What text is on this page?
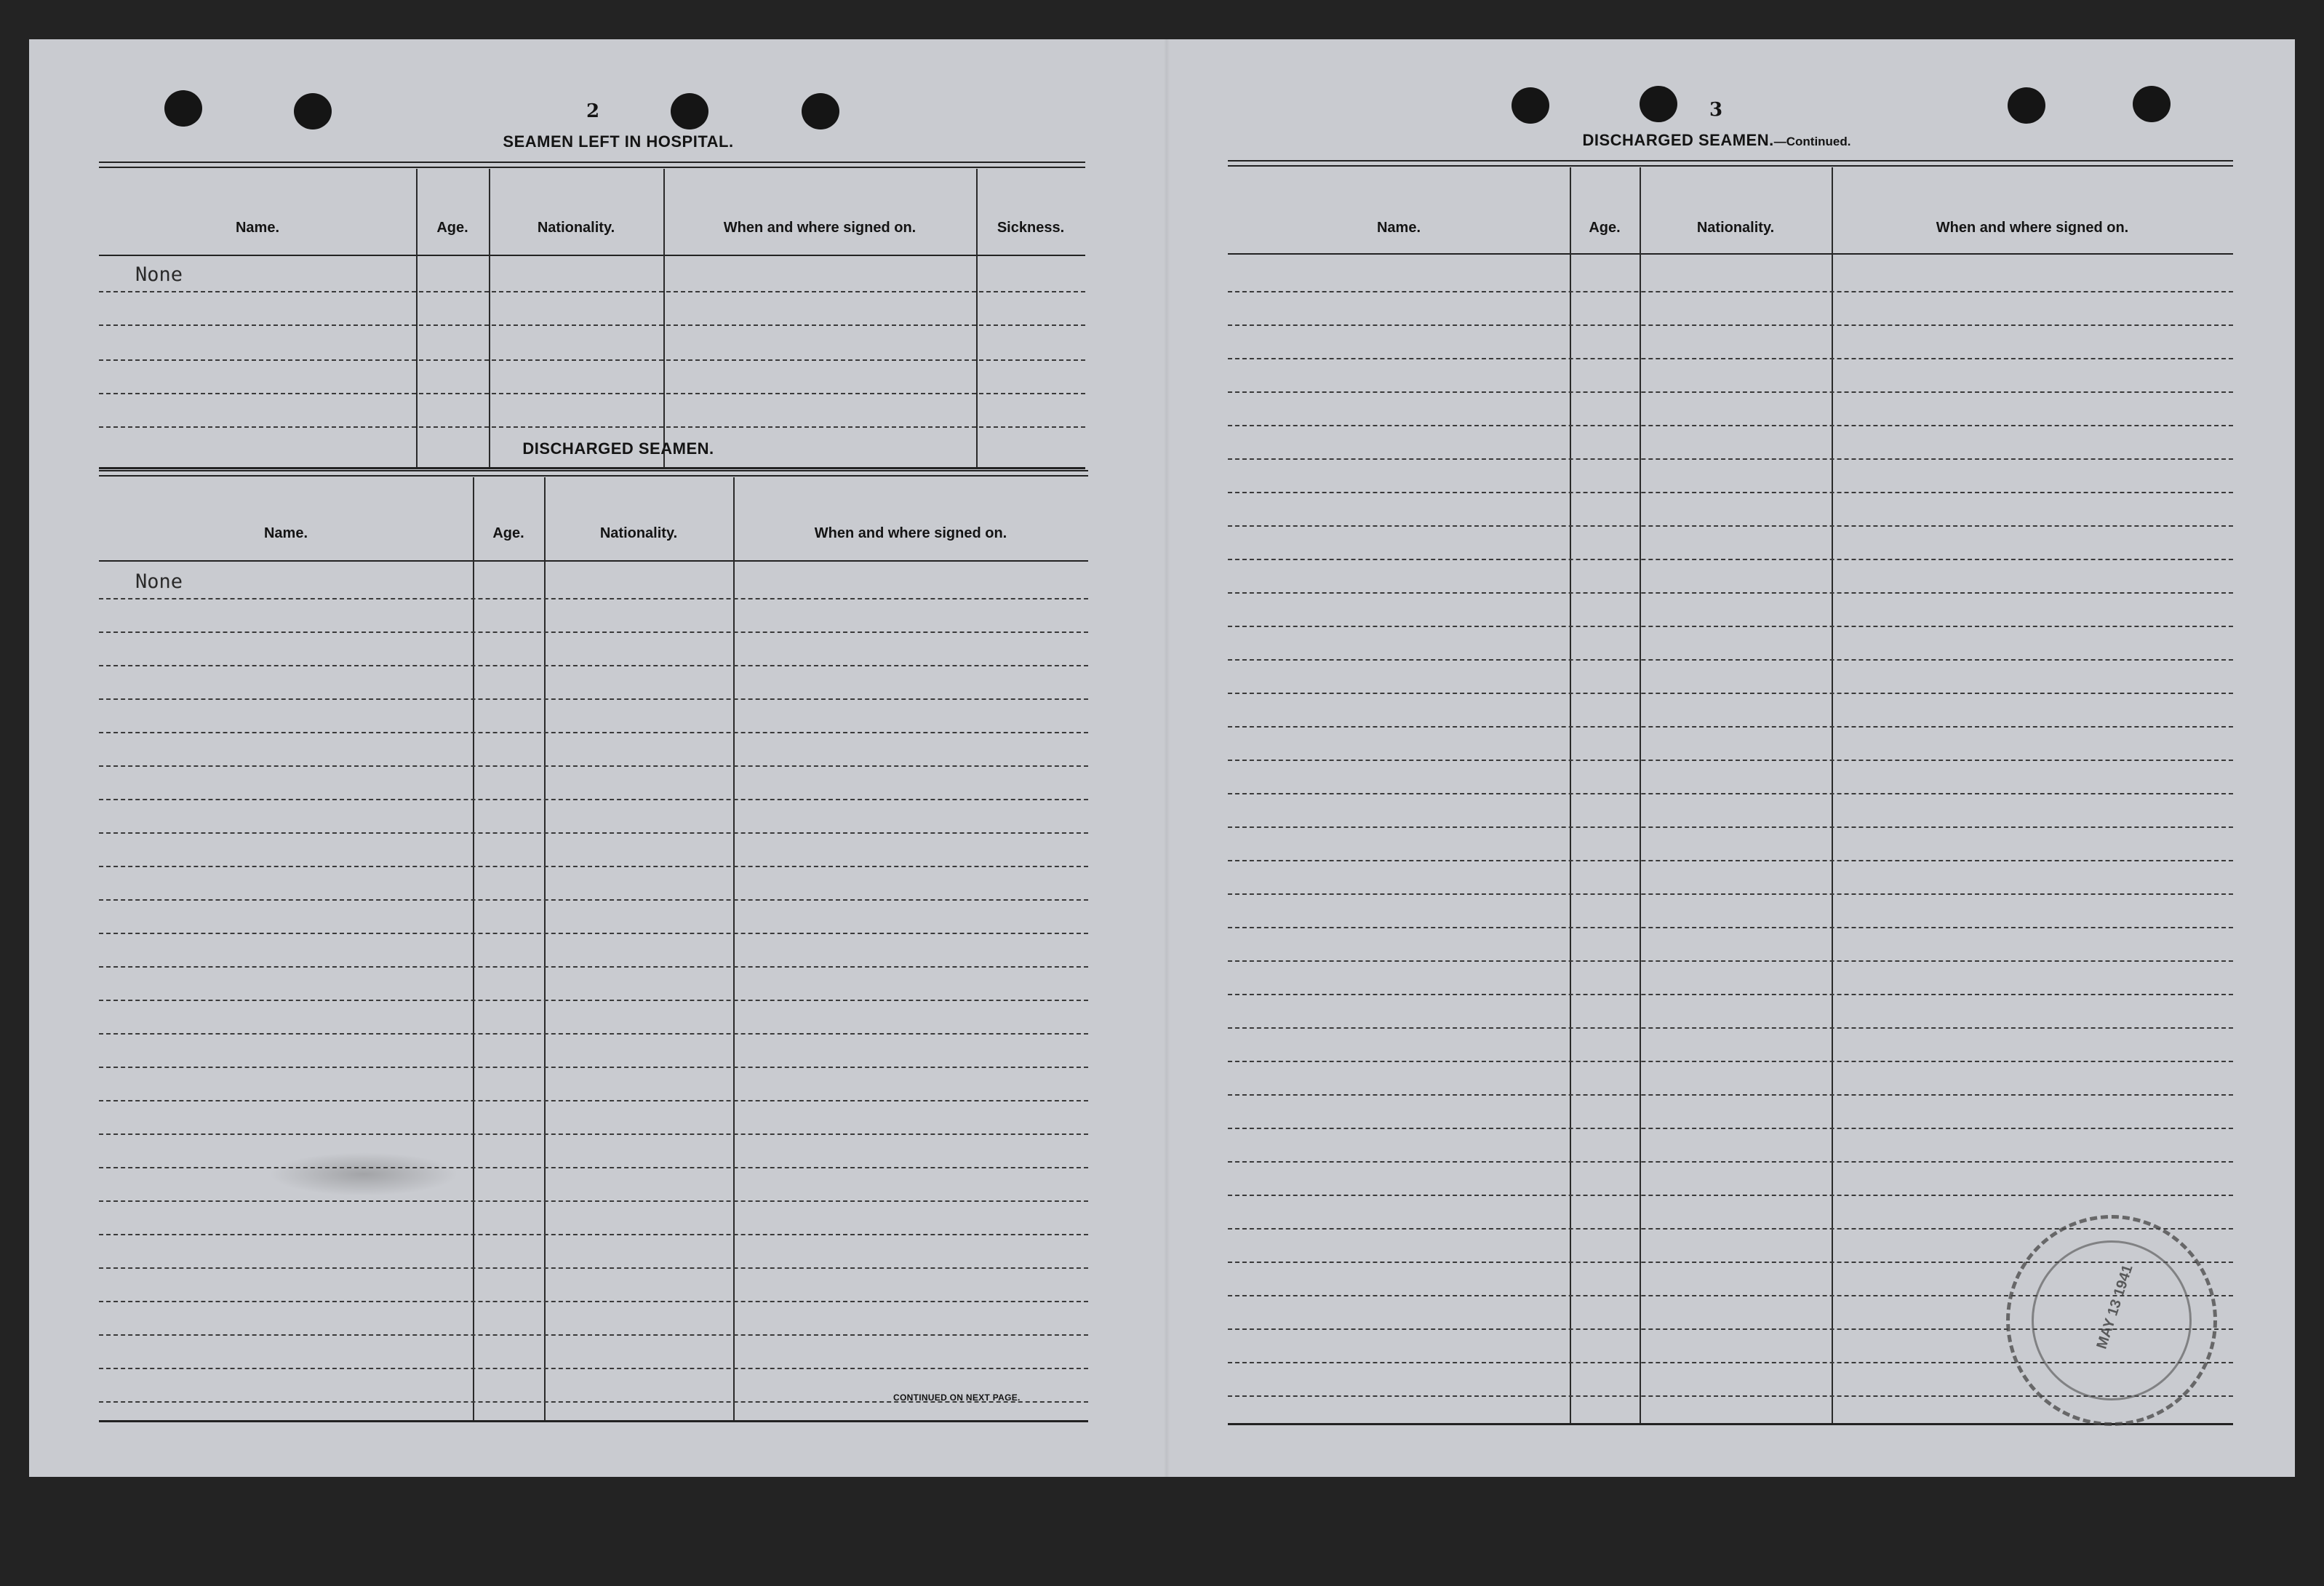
2
SEAMEN LEFT IN HOSPITAL.
Name.	Age.	Nationality.	When and where signed on.	Sickness.
None
DISCHARGED SEAMEN.
Name.	Age.	Nationality.	When and where signed on.
None
CONTINUED ON NEXT PAGE.
3
DISCHARGED SEAMEN.—Continued.
Name.	Age.	Nationality.	When and where signed on.
MAY 13 1941
